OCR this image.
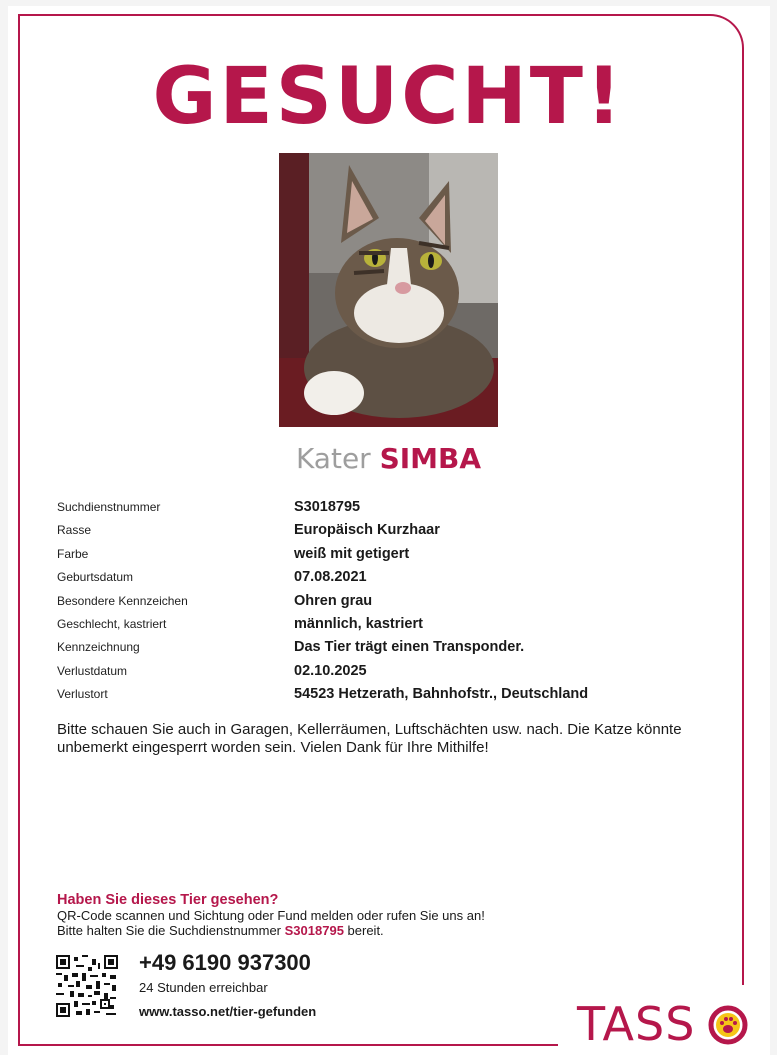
GESUCHT!
Kater SIMBA
Suchdienstnummer	S3018795
Rasse	Europäisch Kurzhaar
Farbe	weiß mit getigert
Geburtsdatum	07.08.2021
Besondere Kennzeichen	Ohren grau
Geschlecht, kastriert	männlich, kastriert
Kennzeichnung	Das Tier trägt einen Transponder.
Verlustdatum	02.10.2025
Verlustort	54523 Hetzerath, Bahnhofstr., Deutschland
Bitte schauen Sie auch in Garagen, Kellerräumen, Luftschächten usw. nach. Die Katze könnte unbemerkt eingesperrt worden sein. Vielen Dank für Ihre Mithilfe!
Haben Sie dieses Tier gesehen?
QR-Code scannen und Sichtung oder Fund melden oder rufen Sie uns an!
Bitte halten Sie die Suchdienstnummer S3018795 bereit.
+49 6190 937300
24 Stunden erreichbar
www.tasso.net/tier-gefunden	TASS
